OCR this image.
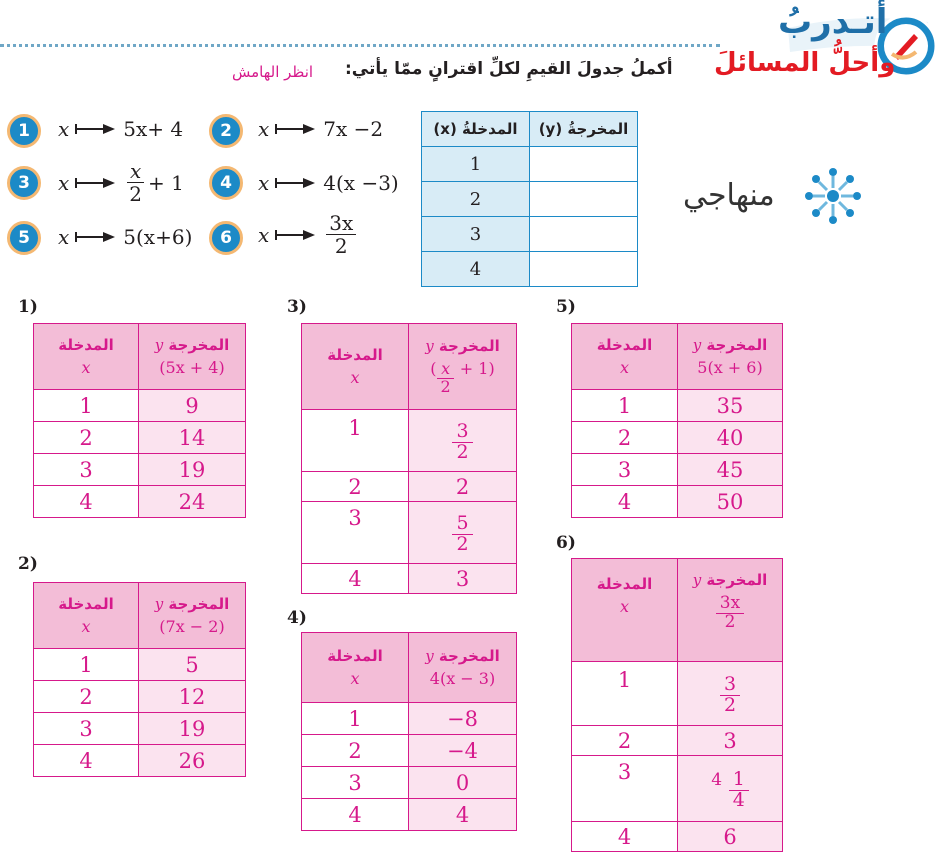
أتـدربُ
وأحلُّ المسائلَ
أكملُ جدولَ القيمِ لكلِّ اقترانٍ ممّا يأتي:
انظر الهامش
1	x	5x+ 4	2	x	7x −2
3	x	$\frac{x}{2} + 1$	4	x	4(x −3)
5	x	5(x+6)	6	x	$\frac{3x}{2}$
المدخلةُ (x)	المخرجةُ (y)
1	
2	
3	
4	
منهاجي
1)
المدخلة
x	المخرجة y
(5x + 4)

1	9
2	14
3	19
4	24
2)
المدخلة
x	المخرجة y
(7x − 2)

1	5
2	12
3	19
4	26
3)
المدخلة
x	المخرجة y
( $\frac{x}{2} + 1$)

1	$\frac{3}{2}$

2	2
3	$\frac{5}{2}$

4	3
4)
المدخلة
x	المخرجة y
4(x − 3)

1	−8
2	−4
3	0
4	4
5)
المدخلة
x	المخرجة y
5(x + 6)

1	35
2	40
3	45
4	50
6)
المدخلة
x	المخرجة y
$\frac{3x}{2}$

1	$\frac{3}{2}$

2	3
3	$4 \frac{1}{4}$

4	6
